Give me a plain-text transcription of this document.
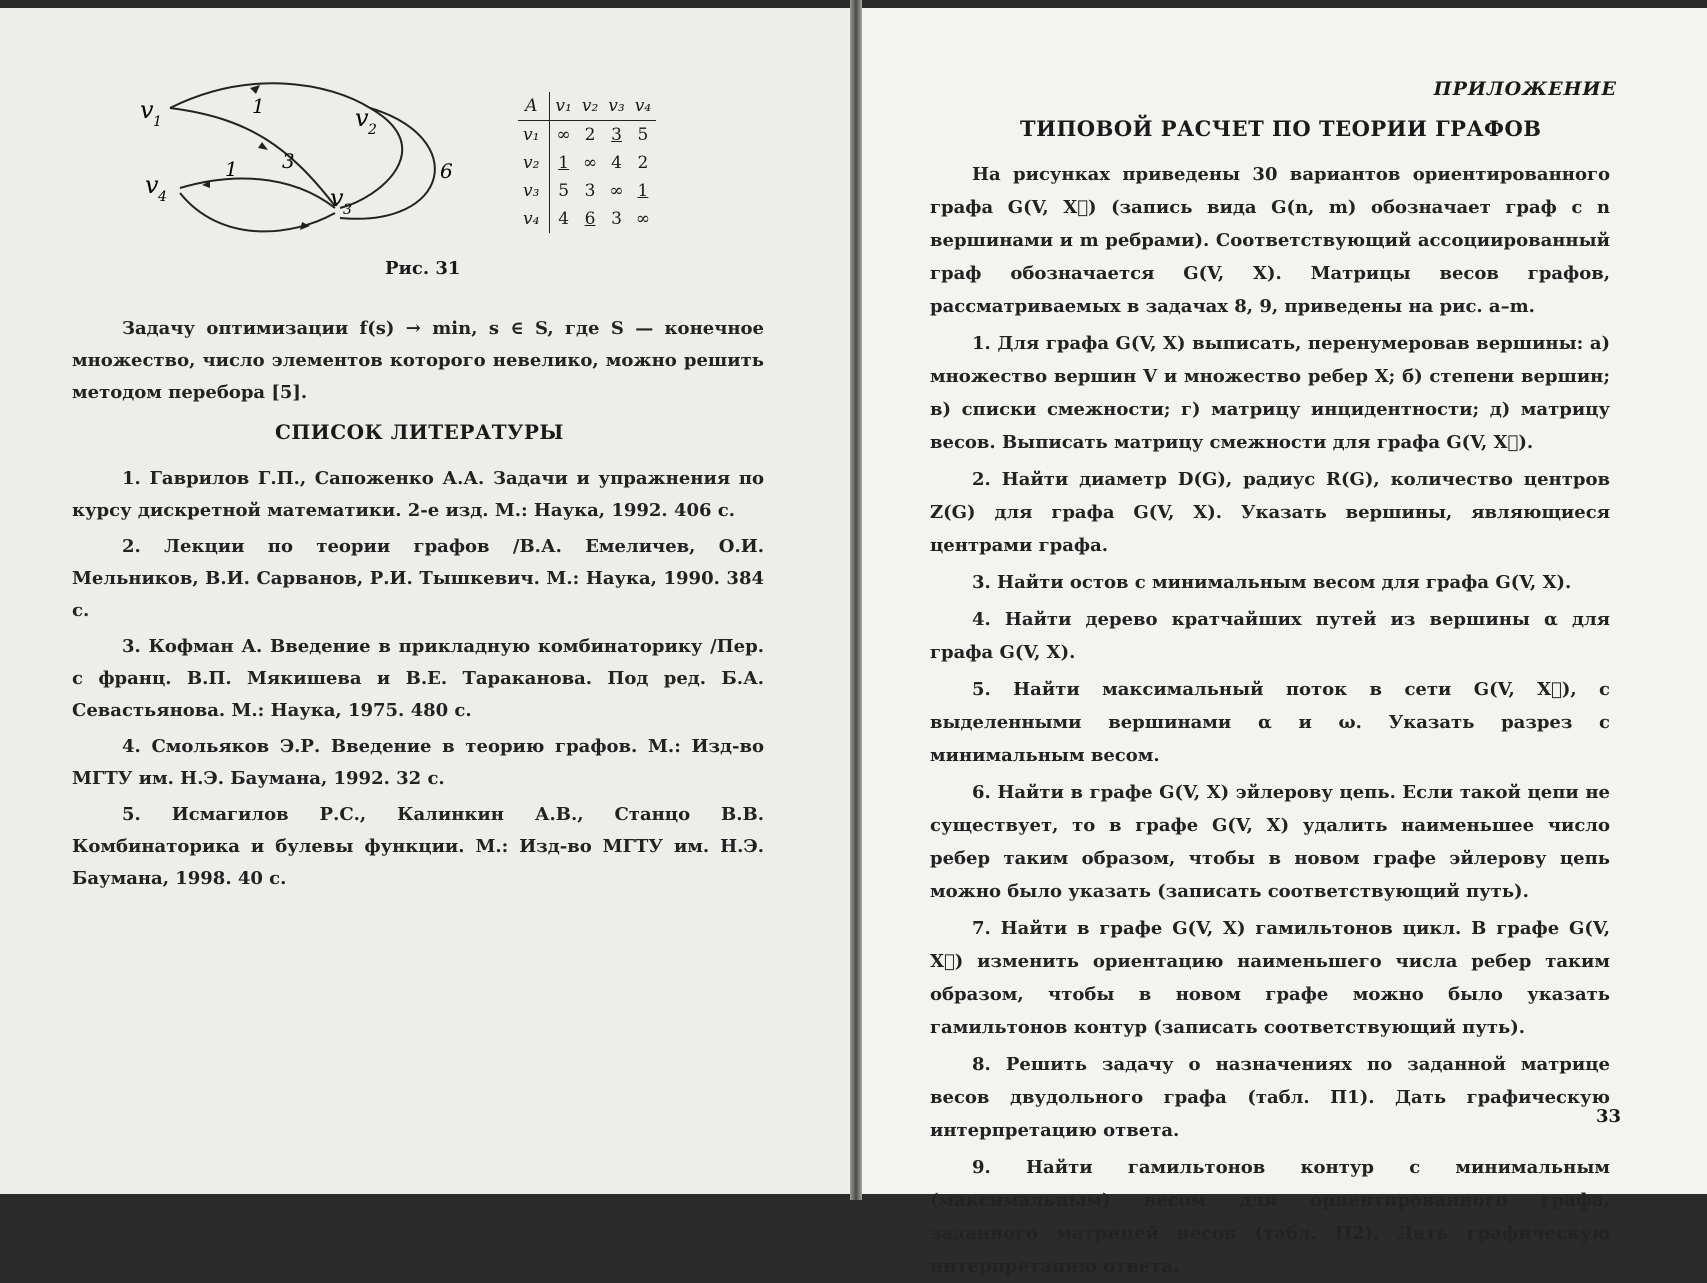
v 1	v 2
v 3
v 4
1
3
1	6
A	v₁	v₂	v₃	v₄
v₁	∞	2	3	5
v₂	1	∞	4	2
v₃	5	3	∞	1
v₄	4	6	3	∞
Рис. 31

Задачу оптимизации f(s) → min, s ∈ S, где S — конечное множество, число элементов которого невелико, можно решить методом перебора [5].

СПИСОК ЛИТЕРАТУРЫ

1. Гаврилов Г.П., Сапоженко А.А. Задачи и упражнения по курсу дискретной математики. 2-е изд. М.: Наука, 1992. 406 с.

2. Лекции по теории графов /В.А. Емеличев, О.И. Мельников, В.И. Сарванов, Р.И. Тышкевич. М.: Наука, 1990. 384 с.

3. Кофман А. Введение в прикладную комбинаторику /Пер. с франц. В.П. Мякишева и В.Е. Тараканова. Под ред. Б.А. Севастьянова. М.: Наука, 1975. 480 с.

4. Смольяков Э.Р. Введение в теорию графов. М.: Изд-во МГТУ им. Н.Э. Баумана, 1992. 32 с.

5. Исмагилов Р.С., Калинкин А.В., Станцо В.В. Комбинаторика и булевы функции. М.: Изд-во МГТУ им. Н.Э. Баумана, 1998. 40 с.

ПРИЛОЖЕНИЕ
ТИПОВОЙ РАСЧЕТ ПО ТЕОРИИ ГРАФОВ

На рисунках приведены 30 вариантов ориентированного графа G(V, X⃗) (запись вида G(n, m) обозначает граф с n вершинами и m ребрами). Соответствующий ассоциированный граф обозначается G(V, X). Матрицы весов графов, рассматриваемых в задачах 8, 9, приведены на рис. a–m.

1. Для графа G(V, X) выписать, перенумеровав вершины: а) множество вершин V и множество ребер X; б) степени вершин; в) списки смежности; г) матрицу инцидентности; д) матрицу весов. Выписать матрицу смежности для графа G(V, X⃗).

2. Найти диаметр D(G), радиус R(G), количество центров Z(G) для графа G(V, X). Указать вершины, являющиеся центрами графа.

3. Найти остов с минимальным весом для графа G(V, X).

4. Найти дерево кратчайших путей из вершины α для графа G(V, X).

5. Найти максимальный поток в сети G(V, X⃗), с выделенными вершинами α и ω. Указать разрез с минимальным весом.

6. Найти в графе G(V, X) эйлерову цепь. Если такой цепи не существует, то в графе G(V, X) удалить наименьшее число ребер таким образом, чтобы в новом графе эйлерову цепь можно было указать (записать соответствующий путь).

7. Найти в графе G(V, X) гамильтонов цикл. В графе G(V, X⃗) изменить ориентацию наименьшего числа ребер таким образом, чтобы в новом графе можно было указать гамильтонов контур (записать соответствующий путь).

8. Решить задачу о назначениях по заданной матрице весов двудольного графа (табл. П1). Дать графическую интерпретацию ответа.

9. Найти гамильтонов контур с минимальным (максимальным) весом для ориентированного графа, заданного матрицей весов (табл. П2). Дать графическую интерпретацию ответа.

33
